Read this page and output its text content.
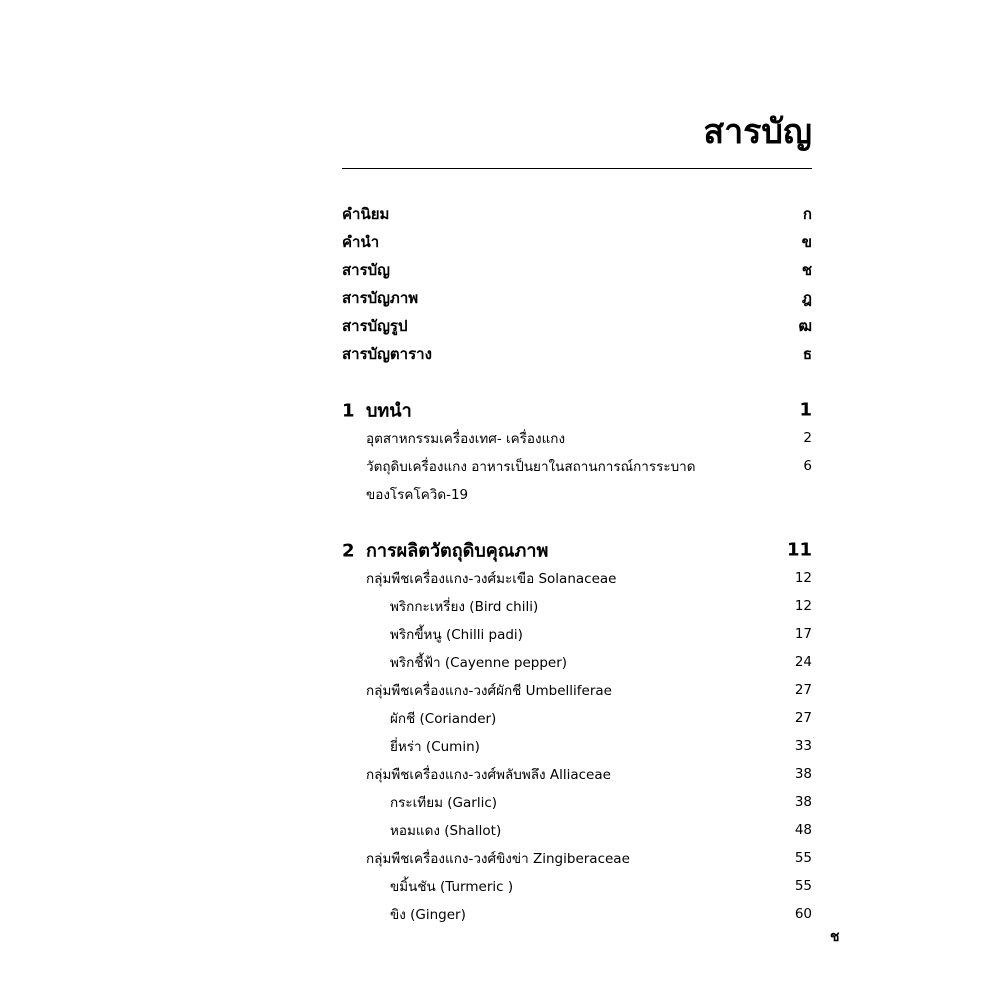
สารบัญ
คำนิยม	ก
คำนำ	ข
สารบัญ	ช
สารบัญภาพ	ฎ
สารบัญรูป	ฒ
สารบัญตาราง	ธ
1 บทนำ	1
อุตสาหกรรมเครื่องเทศ- เครื่องแกง	2
วัตถุดิบเครื่องแกง อาหารเป็นยาในสถานการณ์การระบาด	6
ของโรคโควิด-19
2 การผลิตวัตถุดิบคุณภาพ	11
กลุ่มพืชเครื่องแกง-วงศ์มะเขือ Solanaceae	12
พริกกะเหรี่ยง (Bird chili)	12
พริกขี้หนู (Chilli padi)	17
พริกชี้ฟ้า (Cayenne pepper)	24
กลุ่มพืชเครื่องแกง-วงศ์ผักชี Umbelliferae	27
ผักชี (Coriander)	27
ยี่หร่า (Cumin)	33
กลุ่มพืชเครื่องแกง-วงศ์พลับพลึง Alliaceae	38
กระเทียม (Garlic)	38
หอมแดง (Shallot)	48
กลุ่มพืชเครื่องแกง-วงศ์ขิงข่า Zingiberaceae	55
ขมิ้นชัน (Turmeric )	55
ขิง (Ginger)	60
ช
